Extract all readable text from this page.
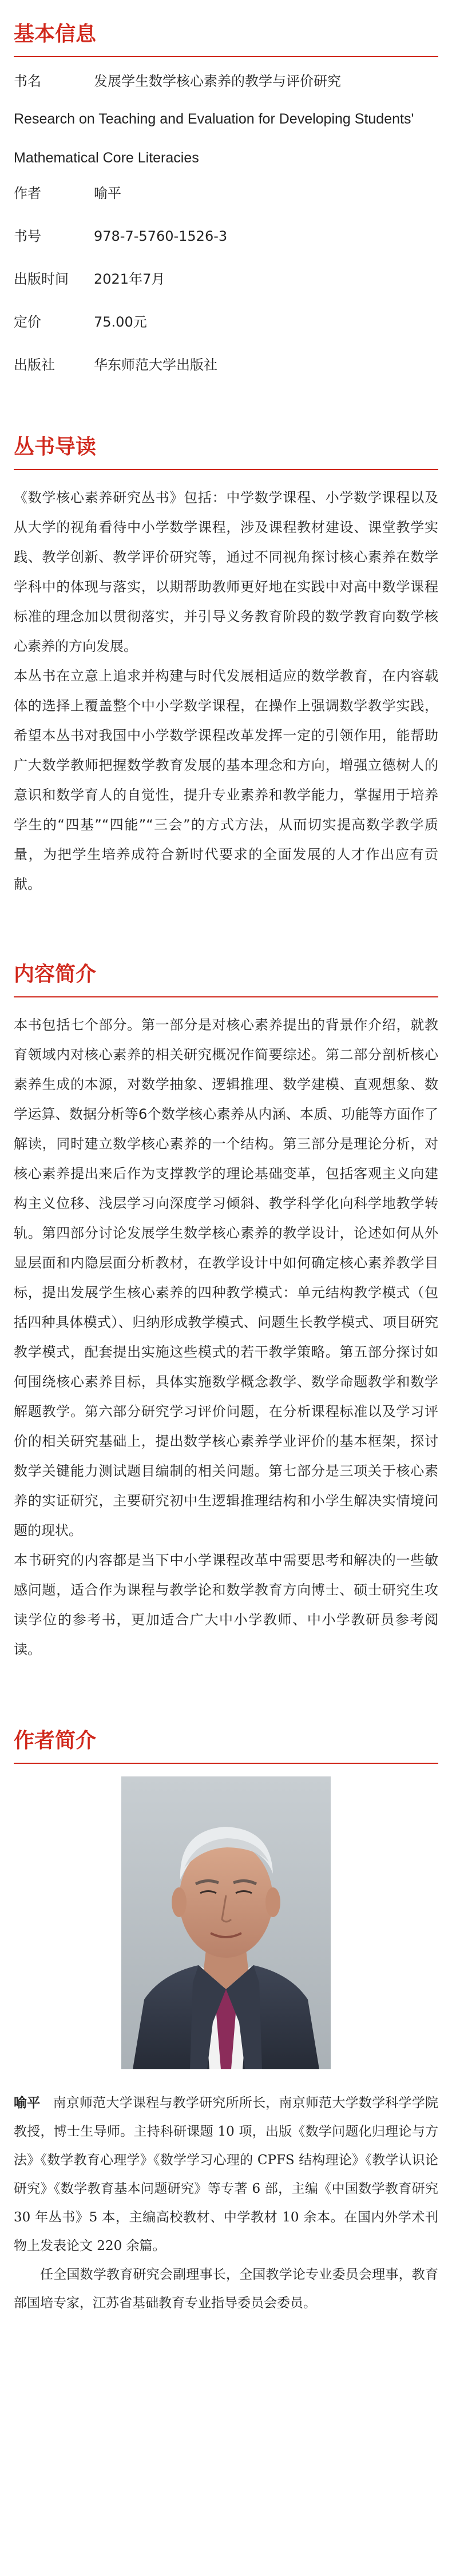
基本信息
书名	发展学生数学核心素养的教学与评价研究
Research on Teaching and Evaluation for Developing Students'
Mathematical Core Literacies
作者	喻平
书号	978-7-5760-1526-3
出版时间	2021年7月
定价	75.00元
出版社	华东师范大学出版社
丛书导读

《数学核心素养研究丛书》包括：中学数学课程、小学数学课程以及从大学的视角看待中小学数学课程，涉及课程教材建设、课堂教学实践、教学创新、教学评价研究等，通过不同视角探讨核心素养在数学学科中的体现与落实，以期帮助教师更好地在实践中对高中数学课程标准的理念加以贯彻落实，并引导义务教育阶段的数学教育向数学核心素养的方向发展。

本丛书在立意上追求并构建与时代发展相适应的数学教育，在内容载体的选择上覆盖整个中小学数学课程，在操作上强调数学教学实践，希望本丛书对我国中小学数学课程改革发挥一定的引领作用，能帮助广大数学教师把握数学教育发展的基本理念和方向，增强立德树人的意识和数学育人的自觉性，提升专业素养和教学能力，掌握用于培养学生的“四基”“四能”“三会”的方式方法，从而切实提高数学教学质量，为把学生培养成符合新时代要求的全面发展的人才作出应有贡献。

内容简介

本书包括七个部分。第一部分是对核心素养提出的背景作介绍，就教育领域内对核心素养的相关研究概况作简要综述。第二部分剖析核心素养生成的本源，对数学抽象、逻辑推理、数学建模、直观想象、数学运算、数据分析等6个数学核心素养从内涵、本质、功能等方面作了解读，同时建立数学核心素养的一个结构。第三部分是理论分析，对核心素养提出来后作为支撑教学的理论基础变革，包括客观主义向建构主义位移、浅层学习向深度学习倾斜、教学科学化向科学地教学转轨。第四部分讨论发展学生数学核心素养的教学设计，论述如何从外显层面和内隐层面分析教材，在教学设计中如何确定核心素养教学目标，提出发展学生核心素养的四种教学模式：单元结构教学模式（包括四种具体模式）、归纳形成教学模式、问题生长教学模式、项目研究教学模式，配套提出实施这些模式的若干教学策略。第五部分探讨如何围绕核心素养目标，具体实施数学概念教学、数学命题教学和数学解题教学。第六部分研究学习评价问题，在分析课程标准以及学习评价的相关研究基础上，提出数学核心素养学业评价的基本框架，探讨数学关键能力测试题目编制的相关问题。第七部分是三项关于核心素养的实证研究，主要研究初中生逻辑推理结构和小学生解决实情境问题的现状。

本书研究的内容都是当下中小学课程改革中需要思考和解决的一些敏感问题，适合作为课程与教学论和数学教育方向博士、硕士研究生攻读学位的参考书，更加适合广大中小学教师、中小学教研员参考阅读。

作者简介

喻平 南京师范大学课程与教学研究所所长，南京师范大学数学科学学院教授，博士生导师。主持科研课题 10 项，出版《数学问题化归理论与方法》《数学教育心理学》《数学学习心理的 CPFS 结构理论》《教学认识论研究》《数学教育基本问题研究》等专著 6 部，主编《中国数学教育研究 30 年丛书》5 本，主编高校教材、中学教材 10 余本。在国内外学术刊物上发表论文 220 余篇。

任全国数学教育研究会副理事长，全国教学论专业委员会理事，教育部国培专家，江苏省基础教育专业指导委员会委员。
